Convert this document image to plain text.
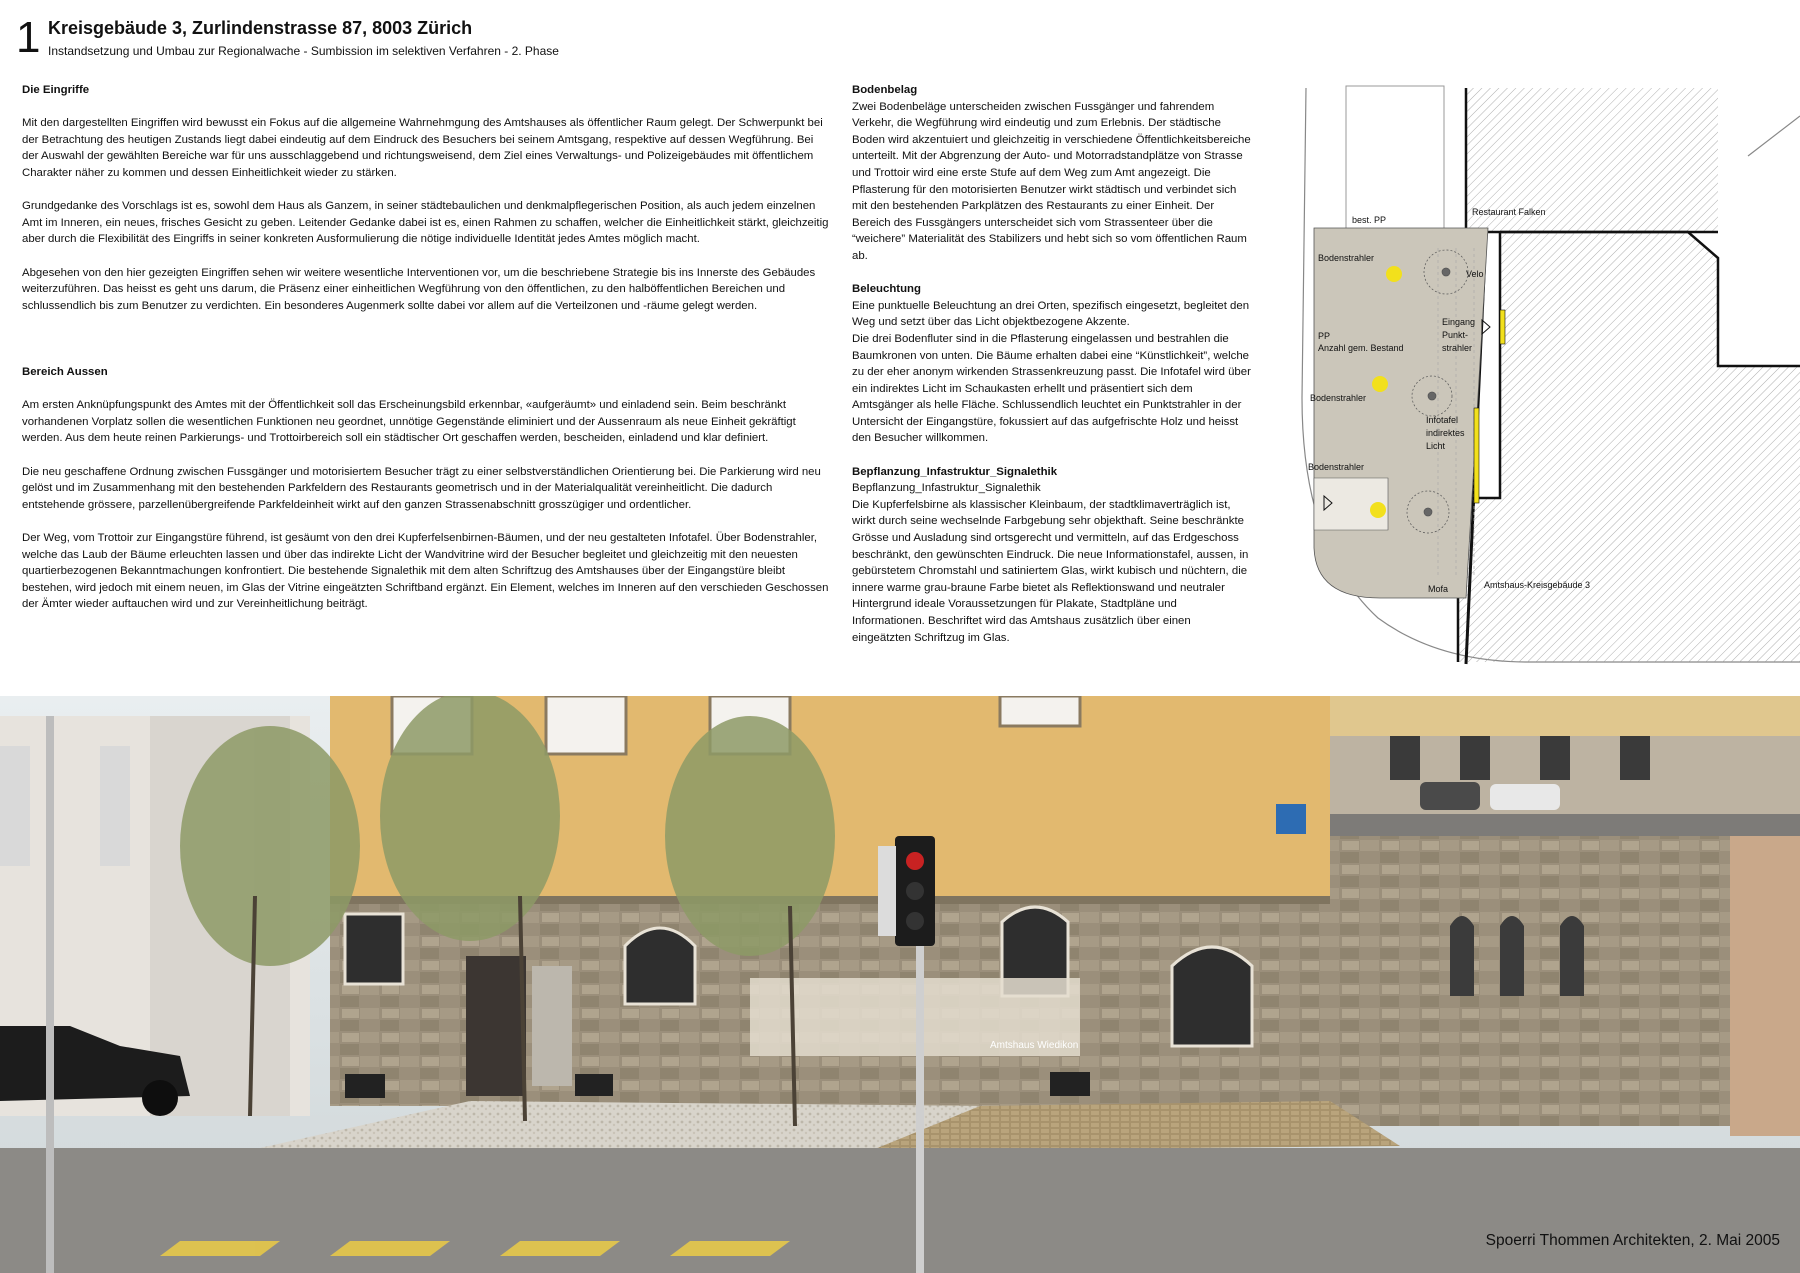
1 Kreisgebäude 3, Zurlindenstrasse 87, 8003 Zürich
Instandsetzung und Umbau zur Regionalwache - Sumbission im selektiven Verfahren - 2. Phase
Die Eingriffe

Mit den dargestellten Eingriffen wird bewusst ein Fokus auf die allgemeine Wahrnehmgung des Amtshauses als öffentlicher Raum gelegt. Der Schwerpunkt bei der Betrachtung des heutigen Zustands liegt dabei eindeutig auf dem Eindruck des Besuchers bei seinem Amtsgang, respektive auf dessen Wegführung. Bei der Auswahl der gewählten Bereiche war für uns ausschlaggebend und richtungsweisend, dem Ziel eines Verwaltungs- und Polizeigebäudes mit öffentlichem Charakter näher zu kommen und dessen Einheitlichkeit wieder zu stärken.

Grundgedanke des Vorschlags ist es, sowohl dem Haus als Ganzem, in seiner städtebaulichen und denkmalpflegerischen Position, als auch jedem einzelnen Amt im Inneren, ein neues, frisches Gesicht zu geben. Leitender Gedanke dabei ist es, einen Rahmen zu schaffen, welcher die Einheitlichkeit stärkt, gleichzeitig aber durch die Flexibilität des Eingriffs in seiner konkreten Ausformulierung die nötige individuelle Identität jedes Amtes möglich macht.

Abgesehen von den hier gezeigten Eingriffen sehen wir weitere wesentliche Interventionen vor, um die beschriebene Strategie bis ins Innerste des Gebäudes weiterzuführen. Das heisst es geht uns darum, die Präsenz einer einheitlichen Wegführung von den öffentlichen, zu den halböffentlichen Bereichen und schlussendlich bis zum Benutzer zu verdichten. Ein besonderes Augenmerk sollte dabei vor allem auf die Verteilzonen und -räume gelegt werden.

Bereich Aussen

Am ersten Anknüpfungspunkt des Amtes mit der Öffentlichkeit soll das Erscheinungsbild erkennbar, «aufgeräumt» und einladend sein. Beim beschränkt vorhandenen Vorplatz sollen die wesentlichen Funktionen neu geordnet, unnötige Gegenstände eliminiert und der Aussenraum als neue Einheit gekräftigt werden. Aus dem heute reinen Parkierungs- und Trottoirbereich soll ein städtischer Ort geschaffen werden, bescheiden, einladend und klar definiert.

Die neu geschaffene Ordnung zwischen Fussgänger und motorisiertem Besucher trägt zu einer selbstverständlichen Orientierung bei. Die Parkierung wird neu gelöst und im Zusammenhang mit den bestehenden Parkfeldern des Restaurants geometrisch und in der Materialqualität vereinheitlicht. Die dadurch entstehende grössere, parzellenübergreifende Parkfeldeinheit wirkt auf den ganzen Strassenabschnitt grosszügiger und ordentlicher.

Der Weg, vom Trottoir zur Eingangstüre führend, ist gesäumt von den drei Kupferfelsenbirnen-Bäumen, und der neu gestalteten Infotafel. Über Bodenstrahler, welche das Laub der Bäume erleuchten lassen und über das indirekte Licht der Wandvitrine wird der Besucher begleitet und gleichzeitig mit den neuesten quartierbezogenen Bekanntmachungen konfrontiert. Die bestehende Signalethik mit dem alten Schriftzug des Amtshauses über der Eingangstüre bleibt bestehen, wird jedoch mit einem neuen, im Glas der Vitrine eingeätzten Schriftband ergänzt. Ein Element, welches im Inneren auf den verschieden Geschossen der Ämter wieder auftauchen wird und zur Vereinheitlichung beiträgt.

Bodenbelag

Zwei Bodenbeläge unterscheiden zwischen Fussgänger und fahrendem Verkehr, die Wegführung wird eindeutig und zum Erlebnis. Der städtische Boden wird akzentuiert und gleichzeitig in verschiedene Öffentlichkeitsbereiche unterteilt. Mit der Abgrenzung der Auto- und Motorradstandplätze von Strasse und Trottoir wird eine erste Stufe auf dem Weg zum Amt angezeigt. Die Pflasterung für den motorisierten Benutzer wirkt städtisch und verbindet sich mit den bestehenden Parkplätzen des Restaurants zu einer Einheit. Der Bereich des Fussgängers unterscheidet sich vom Strassenteer über die “weichere” Materialität des Stabilizers und hebt sich so vom öffentlichen Raum ab.

Beleuchtung

Eine punktuelle Beleuchtung an drei Orten, spezifisch eingesetzt, begleitet den Weg und setzt über das Licht objektbezogene Akzente.

Die drei Bodenfluter sind in die Pflasterung eingelassen und bestrahlen die Baumkronen von unten. Die Bäume erhalten dabei eine “Künstlichkeit”, welche zu der eher anonym wirkenden Strassenkreuzung passt. Die Infotafel wird über ein indirektes Licht im Schaukasten erhellt und präsentiert sich dem Amtsgänger als helle Fläche. Schlussendlich leuchtet ein Punktstrahler in der Untersicht der Eingangstüre, fokussiert auf das aufgefrischte Holz und heisst den Besucher willkommen.

Bepflanzung_Infastruktur_Signalethik

Bepflanzung_Infastruktur_Signalethik

Die Kupferfelsbirne als klassischer Kleinbaum, der stadtklimaverträglich ist, wirkt durch seine wechselnde Farbgebung sehr objekthaft. Seine beschränkte Grösse und Ausladung sind ortsgerecht und vermitteln, auf das Erdgeschoss beschränkt, den gewünschten Eindruck. Die neue Informationstafel, aussen, in gebürstetem Chromstahl und satiniertem Glas, wirkt kubisch und nüchtern, die innere warme grau-braune Farbe bietet als Reflektionswand und neutraler Hintergrund ideale Voraussetzungen für Plakate, Stadtpläne und Informationen. Beschriftet wird das Amtshaus zusätzlich über einen eingeätzten Schriftzug im Glas.

best. PP
Restaurant Falken
Bodenstrahler
Velo
Eingang
Punkt-
strahler
PP
Anzahl gem. Bestand
Bodenstrahler
Infotafel
indirektes
Licht
Bodenstrahler
Mofa	Amtshaus-Kreisgebäude 3
Amtshaus Wiedikon
Spoerri Thommen Architekten, 2. Mai 2005
